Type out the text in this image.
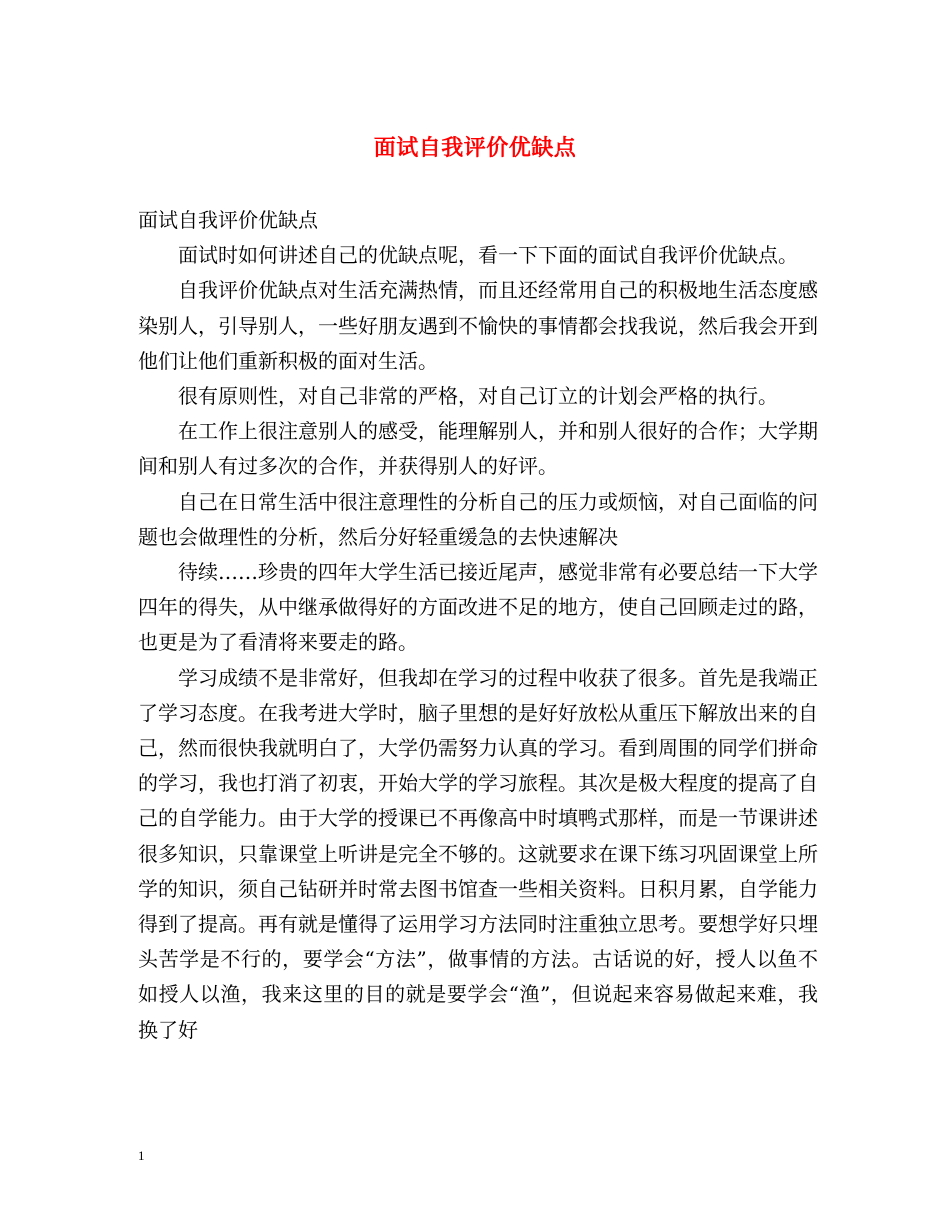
面试自我评价优缺点

面试自我评价优缺点

面试时如何讲述自己的优缺点呢，看一下下面的面试自我评价优缺点。

自我评价优缺点对生活充满热情，而且还经常用自己的积极地生活态度感染别人，引导别人，一些好朋友遇到不愉快的事情都会找我说，然后我会开到他们让他们重新积极的面对生活。

很有原则性，对自己非常的严格，对自己订立的计划会严格的执行。

在工作上很注意别人的感受，能理解别人，并和别人很好的合作；大学期间和别人有过多次的合作，并获得别人的好评。

自己在日常生活中很注意理性的分析自己的压力或烦恼，对自己面临的问题也会做理性的分析，然后分好轻重缓急的去快速解决

待续……珍贵的四年大学生活已接近尾声，感觉非常有必要总结一下大学四年的得失，从中继承做得好的方面改进不足的地方，使自己回顾走过的路，也更是为了看清将来要走的路。

学习成绩不是非常好，但我却在学习的过程中收获了很多。首先是我端正了学习态度。在我考进大学时，脑子里想的是好好放松从重压下解放出来的自己，然而很快我就明白了，大学仍需努力认真的学习。看到周围的同学们拼命的学习，我也打消了初衷，开始大学的学习旅程。其次是极大程度的提高了自己的自学能力。由于大学的授课已不再像高中时填鸭式那样，而是一节课讲述很多知识，只靠课堂上听讲是完全不够的。这就要求在课下练习巩固课堂上所学的知识，须自己钻研并时常去图书馆查一些相关资料。日积月累，自学能力得到了提高。再有就是懂得了运用学习方法同时注重独立思考。要想学好只埋头苦学是不行的，要学会“方法”，做事情的方法。古话说的好，授人以鱼不如授人以渔，我来这里的目的就是要学会“渔”，但说起来容易做起来难，我换了好

1
